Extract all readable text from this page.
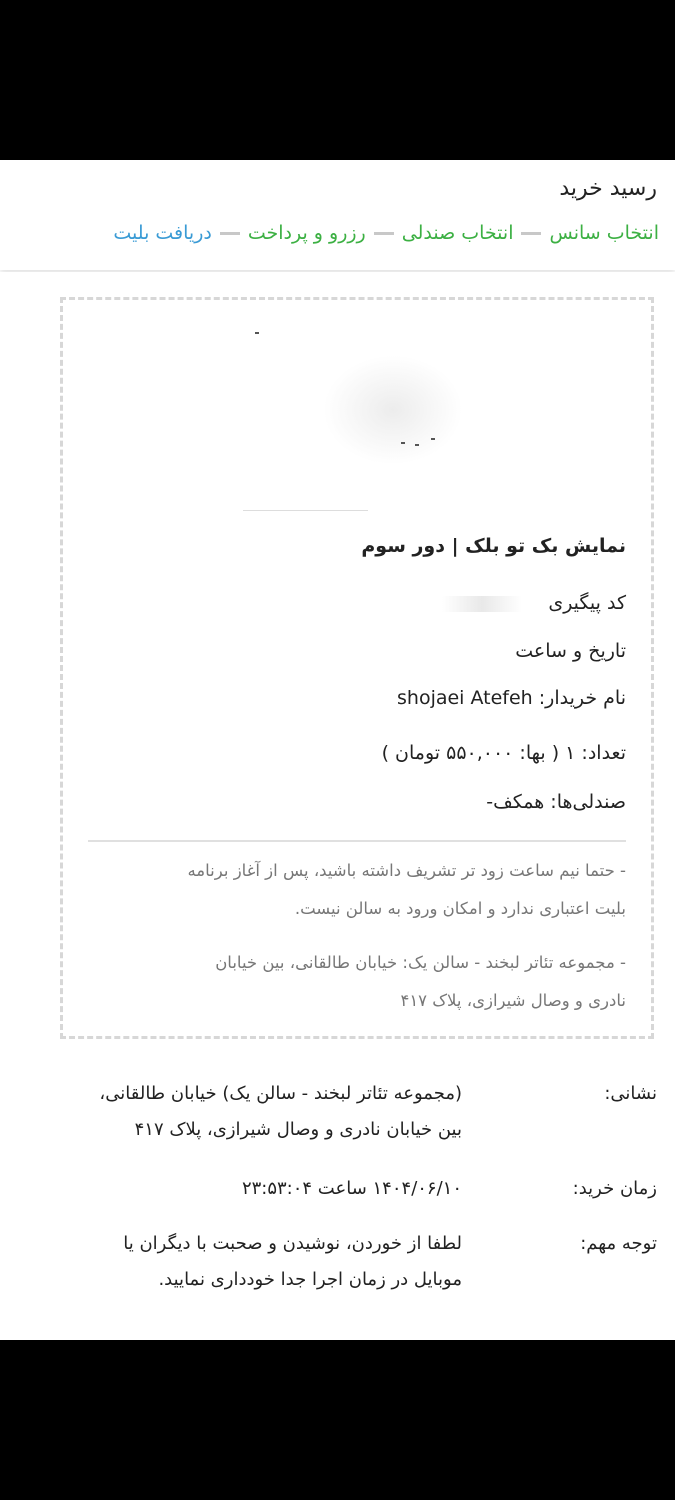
رسید خرید
انتخاب سانس
انتخاب صندلی
رزرو و پرداخت
دریافت بلیت
نمایش بک تو بلک | دور سوم
کد پیگیری
تاریخ و ساعت
نام خریدار: shojaei Atefeh
تعداد: ۱ ( بها: ۵۵۰,۰۰۰ تومان )
صندلی‌ها: همکف-
- حتما نیم ساعت زود تر تشریف داشته باشید، پس از آغاز برنامه
بلیت اعتباری ندارد و امکان ورود به سالن نیست.
- مجموعه تئاتر لبخند - سالن یک: خیابان طالقانی، بین خیابان
نادری و وصال شیرازی، پلاک ۴۱۷
نشانی:
(مجموعه تئاتر لبخند - سالن یک) خیابان طالقانی،
بین خیابان نادری و وصال شیرازی، پلاک ۴۱۷
زمان خرید:
۱۴۰۴/۰۶/۱۰ ساعت ۲۳:۵۳:۰۴
توجه مهم:
لطفا از خوردن، نوشیدن و صحبت با دیگران یا
موبایل در زمان اجرا جدا خودداری نمایید.
